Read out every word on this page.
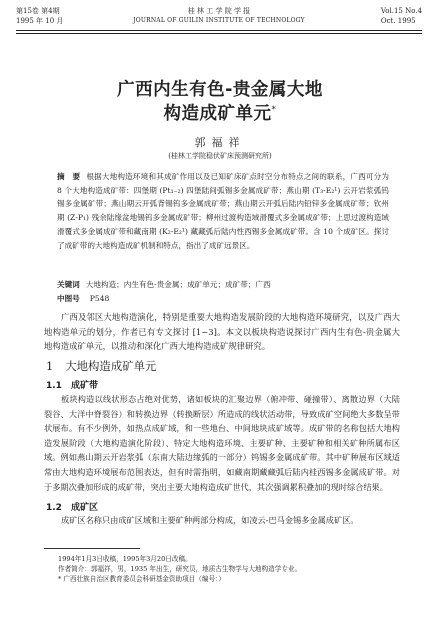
第15卷 第4期
1995 年 10 月
桂 林 工 学 院 学 报
JOURNAL OF GUILIN INSTITUTE OF TECHNOLOGY
Vol.15 No.4
Oct. 1995
广西内生有色-贵金属大地
构造成矿单元*
郭福祥
(桂林工学院稳伏矿床预测研究所)
摘　要 根据大地构造环境和其成矿作用以及已知矿床矿点时空分布特点之间的联系，广西可分为 8 个大地构造成矿带：四堡期 (Pt₁₋₂) 四堡陆间弧锡多金属成矿带；燕山期 (T₃-E₂¹) 云开岩浆弧钨锡多金属矿带；燕山期云开弧背锡钨多金属成矿带；燕山期云开弧后陆内铅锌多金属成矿带；钦州期 (Z-P₁) 残余陆缘盆地锡钨多金属成矿带；柳州过渡构造域滑覆式多金属成矿带；上思过渡构造域滑覆式多金属成矿带和藏南期 (K₂-E₂¹) 藏藏弧后陆内性西锡多金属成矿带。含 10 个成矿区。探讨了成矿带的大地构造成矿机制和特点，指出了成矿远景区。
关键词 大地构造；内生有色-贵金属；成矿单元；成矿带；广西
中图号 P548
广西及邻区大地构造演化，特别是重要大地构造发展阶段的大地构造环境研究，以及广西大地构造单元的划分，作者已有专文探讨 [1~3]。本文以板块构造说探讨广西内生有色-贵金属大地构造成矿单元，以推动和深化广西大地构造成矿规律研究。
1 大地构造成矿单元
1.1　 成矿带
板块构造以线状形态占绝对优势，诸如板块的汇聚边界（俯冲带、碰撞带）、离散边界（大陆裂谷、大洋中脊裂谷）和转换边界（转换断层）所造成的线状活动带，导致成矿空间绝大多数呈带状展布。有不少例外，如热点成矿域，和一些地台、中间地块成矿域等。成矿带的名称包括大地构造发展阶段（大地构造演化阶段）、特定大地构造环境、主要矿种、主要矿种和相关矿种所属布区域。例如燕山期云开岩浆弧（东南大陆边缘弧的一部分）钨锡多金属成矿带。其中矿种展布区域适常由大地构造环境展布范围表达，但有时需指明，如藏南期藏藏弧后陆内桂西锡多金属成矿带。对于多期次叠加形成的成矿带，突出主要大地构造成矿世代，其次强调累积叠加的现时综合结果。
1.2　 成矿区
成矿区名称只由成矿区域和主要矿种两部分构成，如凌云-巴马金锡多金属成矿区。
1994年1月3日收稿，1995年3月20日改稿。
作者简介：郭福祥，男，1935 年出生，研究员，地质古生物学与大地构造学专业。
* 广西壮族自治区教育委员会科研基金资助项目（编号：）
